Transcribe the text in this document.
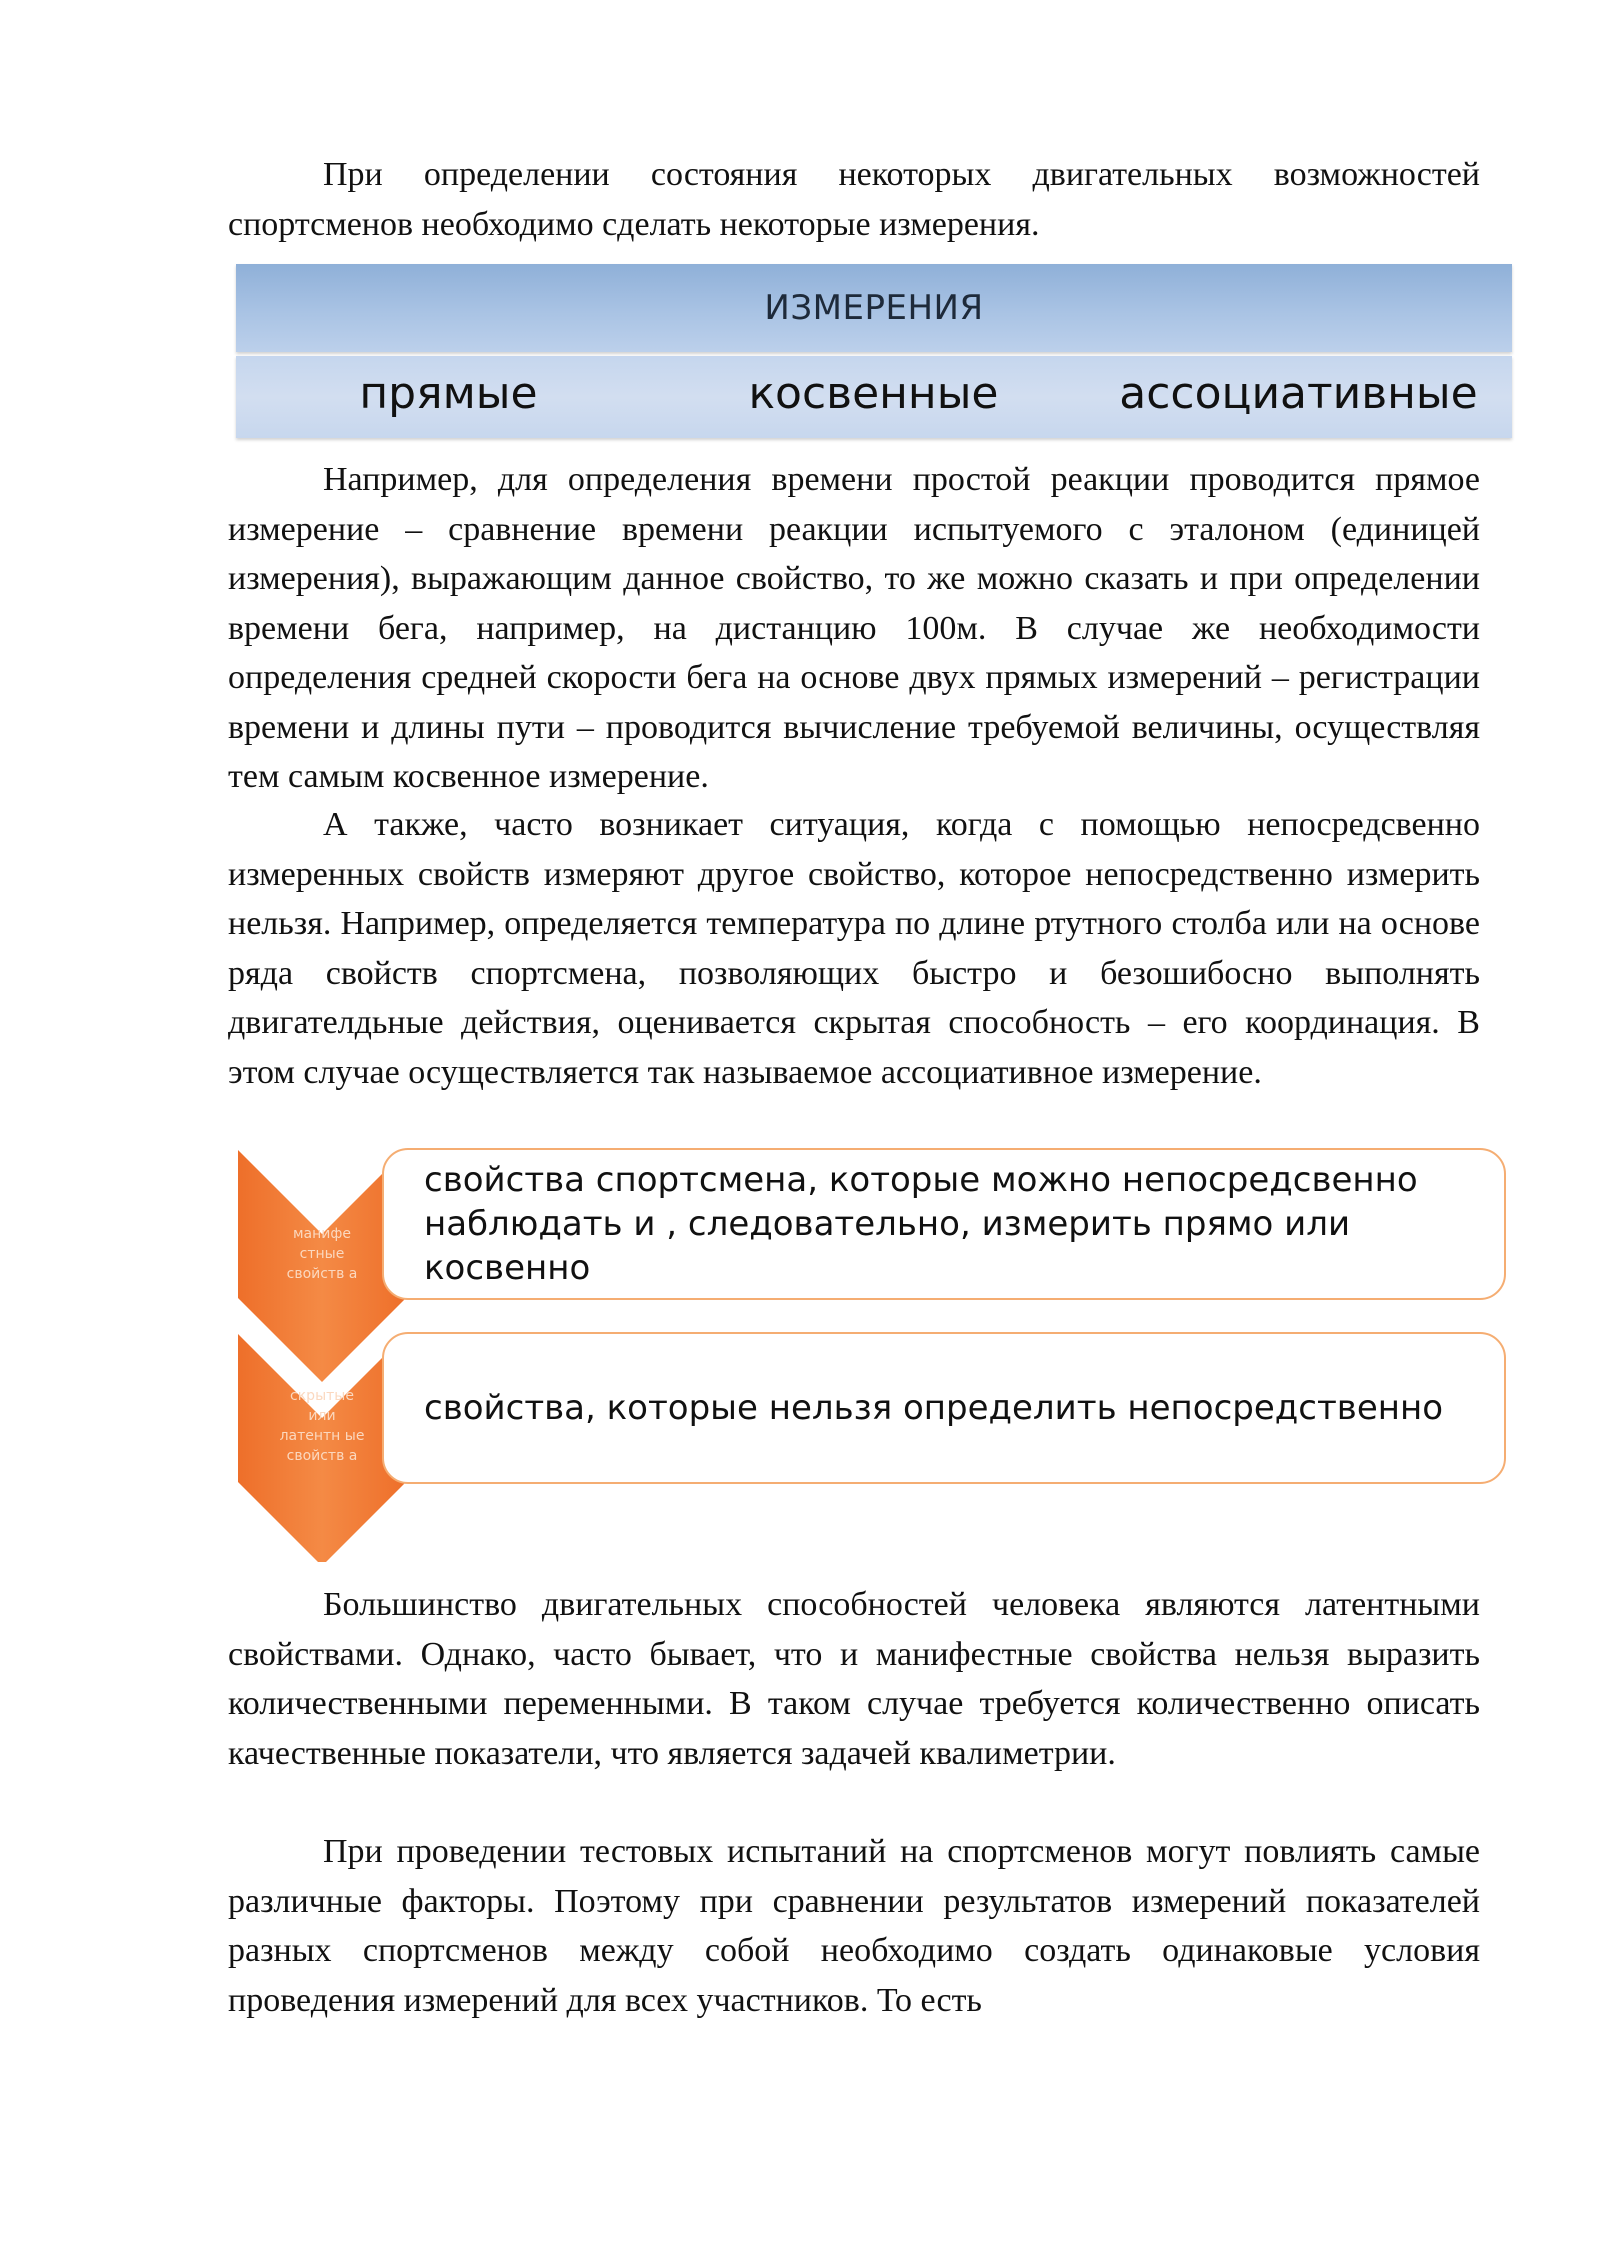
При определении состояния некоторых двигательных возможностей спортсменов необходимо сделать некоторые измерения.

ИЗМЕРЕНИЯ
прямые	косвенные	ассоциативные

Например, для определения времени простой реакции проводится прямое измерение – сравнение времени реакции испытуемого с эталоном (единицей измерения), выражающим данное свойство, то же можно сказать и при определении времени бега, например, на дистанцию 100м. В случае же необходимости определения средней скорости бега на основе двух прямых измерений – регистрации времени и длины пути – проводится вычисление требуемой величины, осуществляя тем самым косвенное измерение.

А также, часто возникает ситуация, когда с помощью непосредсвенно измеренных свойств измеряют другое свойство, которое непосредственно измерить нельзя. Например, определяется температура по длине ртутного столба или на основе ряда свойств спортсмена, позволяющих быстро и безошибосно выполнять двигателдьные действия, оценивается скрытая способность – его координация. В этом случае осуществляется так называемое ассоциативное измерение.

свойства спортсмена, которые можно непосредсвенно наблюдать и , следовательно, измерить прямо или косвенно
свойства, которые нельзя определить непосредственно
манифе стные свойств а
скрытые или латентн ые свойств а

Большинство двигательных способностей человека являются латентными свойствами. Однако, часто бывает, что и манифестные свойства нельзя выразить количественными переменными. В таком случае требуется количественно описать качественные показатели, что является задачей квалиметрии.

При проведении тестовых испытаний на спортсменов могут повлиять самые различные факторы. Поэтому при сравнении результатов измерений показателей разных спортсменов между собой необходимо создать одинаковые условия проведения измерений для всех участников. То есть
